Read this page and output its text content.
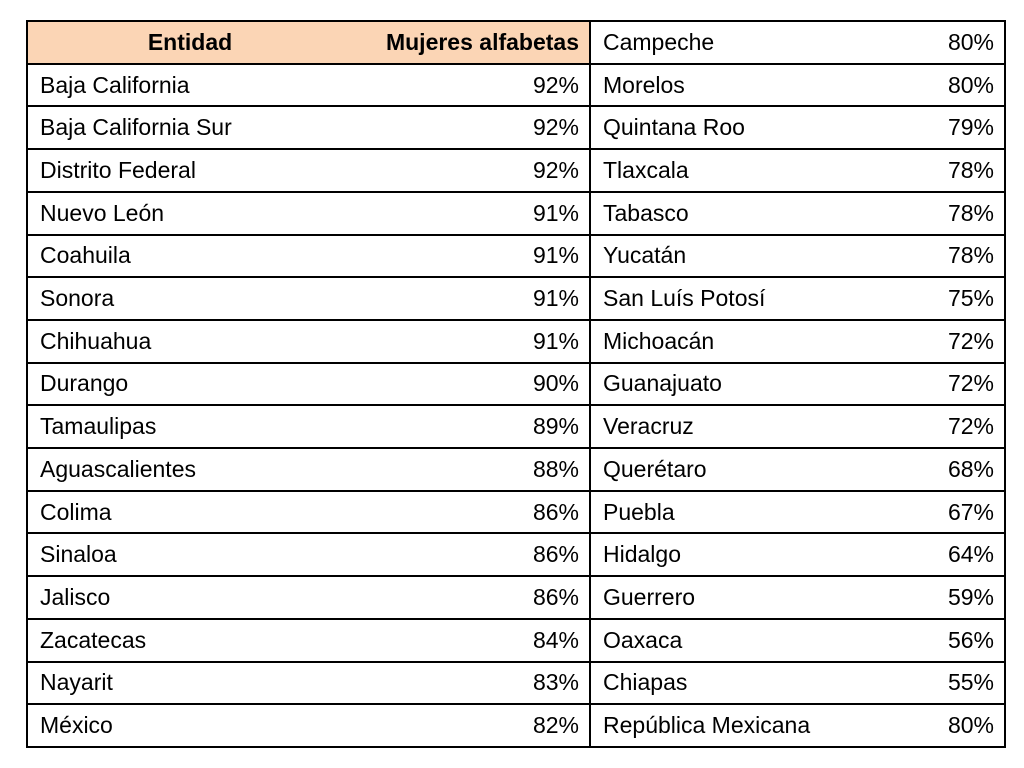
Entidad	Mujeres alfabetas
Baja California	92%
Baja California Sur	92%
Distrito Federal	92%
Nuevo León	91%
Coahuila	91%
Sonora	91%
Chihuahua	91%
Durango	90%
Tamaulipas	89%
Aguascalientes	88%
Colima	86%
Sinaloa	86%
Jalisco	86%
Zacatecas	84%
Nayarit	83%
México	82%
Campeche	80%
Morelos	80%
Quintana Roo	79%
Tlaxcala	78%
Tabasco	78%
Yucatán	78%
San Luís Potosí	75%
Michoacán	72%
Guanajuato	72%
Veracruz	72%
Querétaro	68%
Puebla	67%
Hidalgo	64%
Guerrero	59%
Oaxaca	56%
Chiapas	55%
República Mexicana	80%
